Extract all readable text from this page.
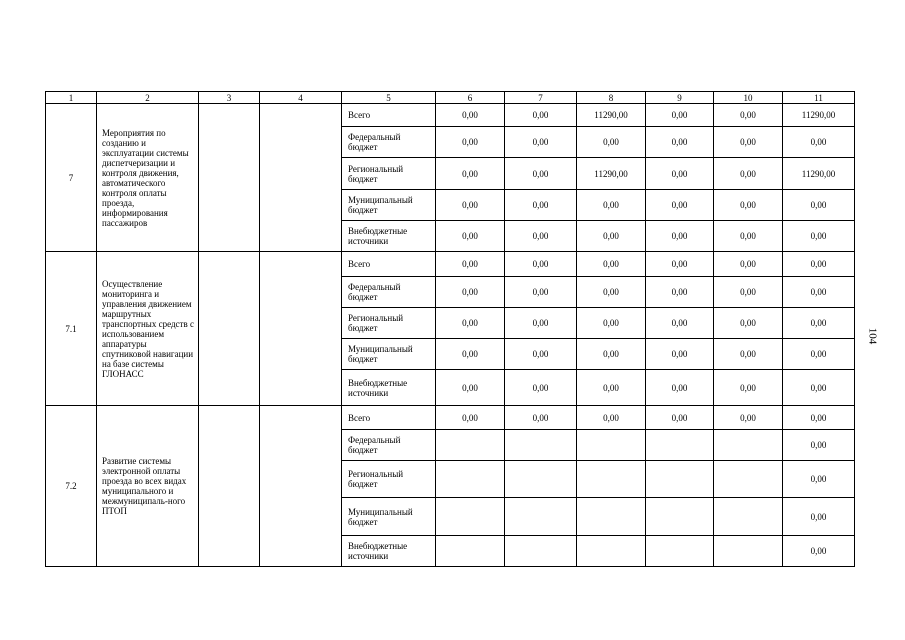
1	2	3	4	5	6	7	8	9	10	11
7	Мероприятия по созданию и эксплуатации системы диспетчеризации и контроля движения, автоматического контроля оплаты проезда, информирования пассажиров			Всего	0,00	0,00	11290,00	0,00	0,00	11290,00
				Федеральный бюджет	0,00	0,00	0,00	0,00	0,00	0,00
				Региональный бюджет	0,00	0,00	11290,00	0,00	0,00	11290,00
				Муниципальный бюджет	0,00	0,00	0,00	0,00	0,00	0,00
				Внебюджетные источники	0,00	0,00	0,00	0,00	0,00	0,00
7.1	Осуществление мониторинга и управления движением маршрутных транспортных средств с использованием аппаратуры спутниковой навигации на базе системы ГЛОНАСС			Всего	0,00	0,00	0,00	0,00	0,00	0,00
				Федеральный бюджет	0,00	0,00	0,00	0,00	0,00	0,00
				Региональный бюджет	0,00	0,00	0,00	0,00	0,00	0,00
				Муниципальный бюджет	0,00	0,00	0,00	0,00	0,00	0,00
				Внебюджетные источники	0,00	0,00	0,00	0,00	0,00	0,00
7.2	Развитие системы электронной оплаты проезда во всех видах муниципального и межмуниципаль-ного ПТОП			Всего	0,00	0,00	0,00	0,00	0,00	0,00
				Федеральный бюджет						0,00
				Региональный бюджет						0,00
				Муниципальный бюджет						0,00
				Внебюджетные источники						0,00
104
